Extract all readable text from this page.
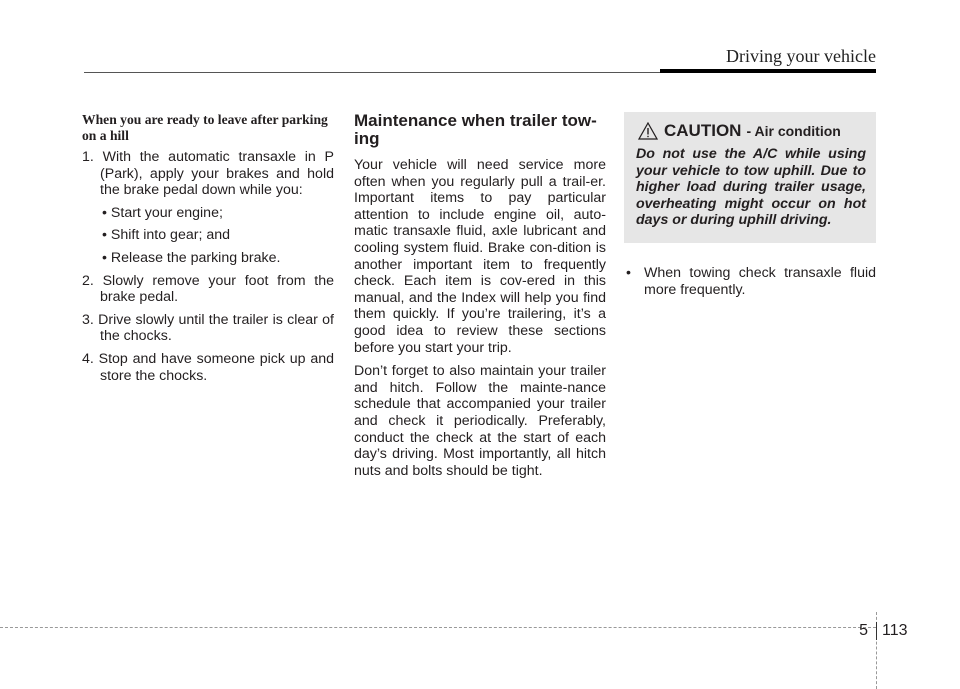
Driving your vehicle
When you are ready to leave after parking on a hill
1. With the automatic transaxle in P (Park), apply your brakes and hold the brake pedal down while you:
• Start your engine;
• Shift into gear; and
• Release the parking brake.
2. Slowly remove your foot from the brake pedal.
3. Drive slowly until the trailer is clear of the chocks.
4. Stop and have someone pick up and store the chocks.
Maintenance when trailer tow-ing

Your vehicle will need service more often when you regularly pull a trail-er. Important items to pay particular attention to include engine oil, auto-matic transaxle fluid, axle lubricant and cooling system fluid. Brake con-dition is another important item to frequently check. Each item is cov-ered in this manual, and the Index will help you find them quickly. If you’re trailering, it’s a good idea to review these sections before you start your trip.

Don’t forget to also maintain your trailer and hitch. Follow the mainte-nance schedule that accompanied your trailer and check it periodically. Preferably, conduct the check at the start of each day’s driving. Most importantly, all hitch nuts and bolts should be tight.

CAUTION - Air condition
Do not use the A/C while using your vehicle to tow uphill. Due to higher load during trailer usage, overheating might occur on hot days or during uphill driving.
• When towing check transaxle fluid more frequently.
5 113
